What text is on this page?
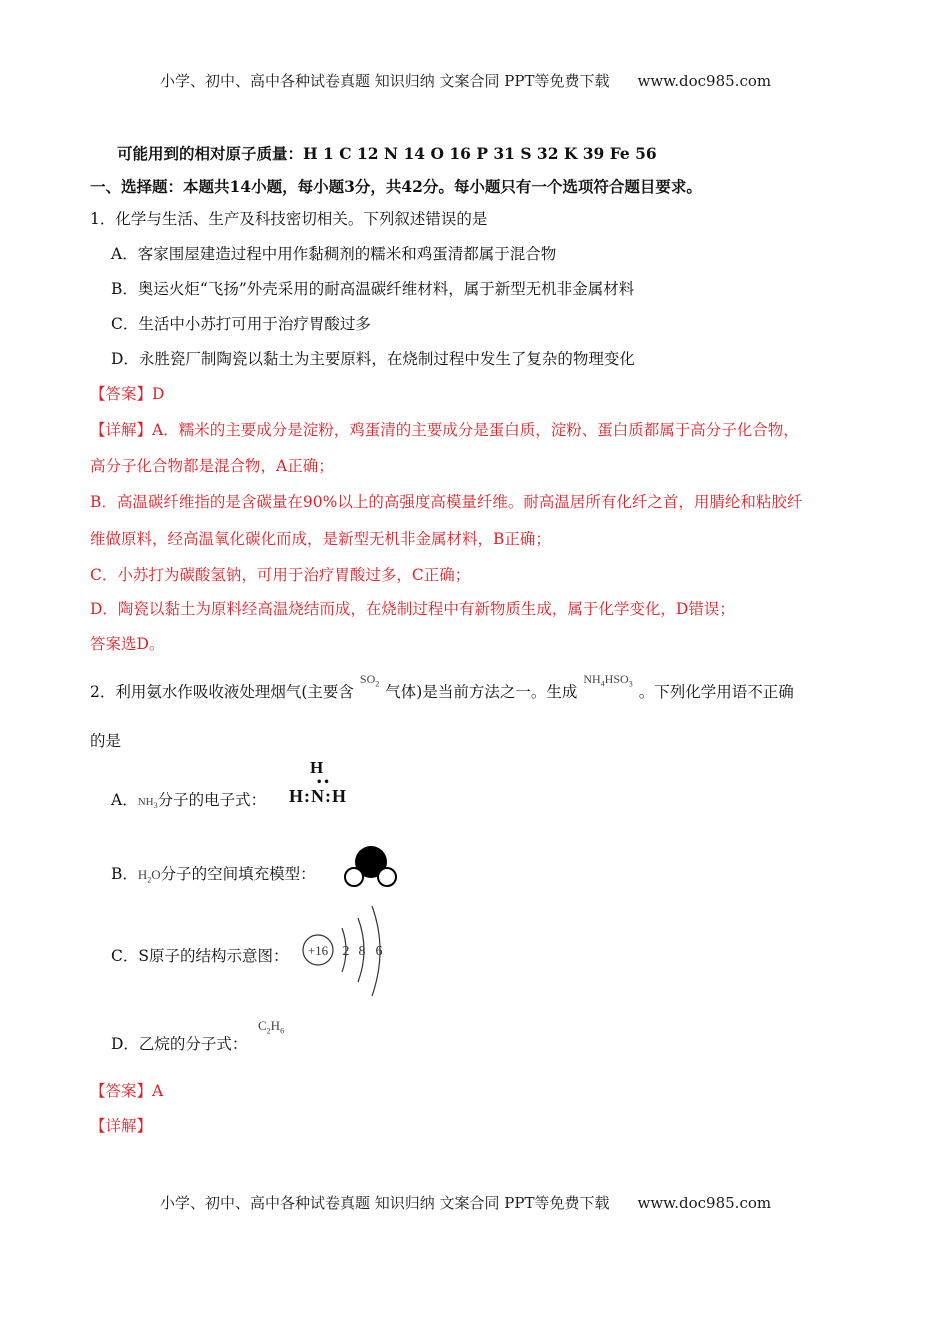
小学、初中、高中各种试卷真题 知识归纳 文案合同 PPT等免费下载 www.doc985.com
可能用到的相对原子质量：H 1 C 12 N 14 O 16 P 31 S 32 K 39 Fe 56
一、选择题：本题共14小题，每小题3分，共42分。每小题只有一个选项符合题目要求。
1．化学与生活、生产及科技密切相关。下列叙述错误的是
A．客家围屋建造过程中用作黏稠剂的糯米和鸡蛋清都属于混合物
B．奥运火炬“飞扬”外壳采用的耐高温碳纤维材料，属于新型无机非金属材料
C．生活中小苏打可用于治疗胃酸过多
D．永胜瓷厂制陶瓷以黏土为主要原料，在烧制过程中发生了复杂的物理变化
【答案】D
【详解】A．糯米的主要成分是淀粉，鸡蛋清的主要成分是蛋白质，淀粉、蛋白质都属于高分子化合物，
高分子化合物都是混合物，A正确；
B．高温碳纤维指的是含碳量在90%以上的高强度高模量纤维。耐高温居所有化纤之首，用腈纶和粘胶纤
维做原料，经高温氧化碳化而成，是新型无机非金属材料，B正确；
C．小苏打为碳酸氢钠，可用于治疗胃酸过多，C正确；
D．陶瓷以黏土为原料经高温烧结而成，在烧制过程中有新物质生成，属于化学变化，D错误；
答案选D。
2．利用氨水作吸收液处理烟气(主要含$^{SO_2}$ 气体)是当前方法之一。生成$^{NH_4HSO_3}$ 。下列化学用语不正确
的是
A．$NH_3$分子的电子式：
H
••
H:N:H
B．$H_2O$分子的空间填充模型：
C．S原子的结构示意图： +16 2 8 6
D．乙烷的分子式：
$C_2H_6$
【答案】A
【详解】
小学、初中、高中各种试卷真题 知识归纳 文案合同 PPT等免费下载 www.doc985.com
